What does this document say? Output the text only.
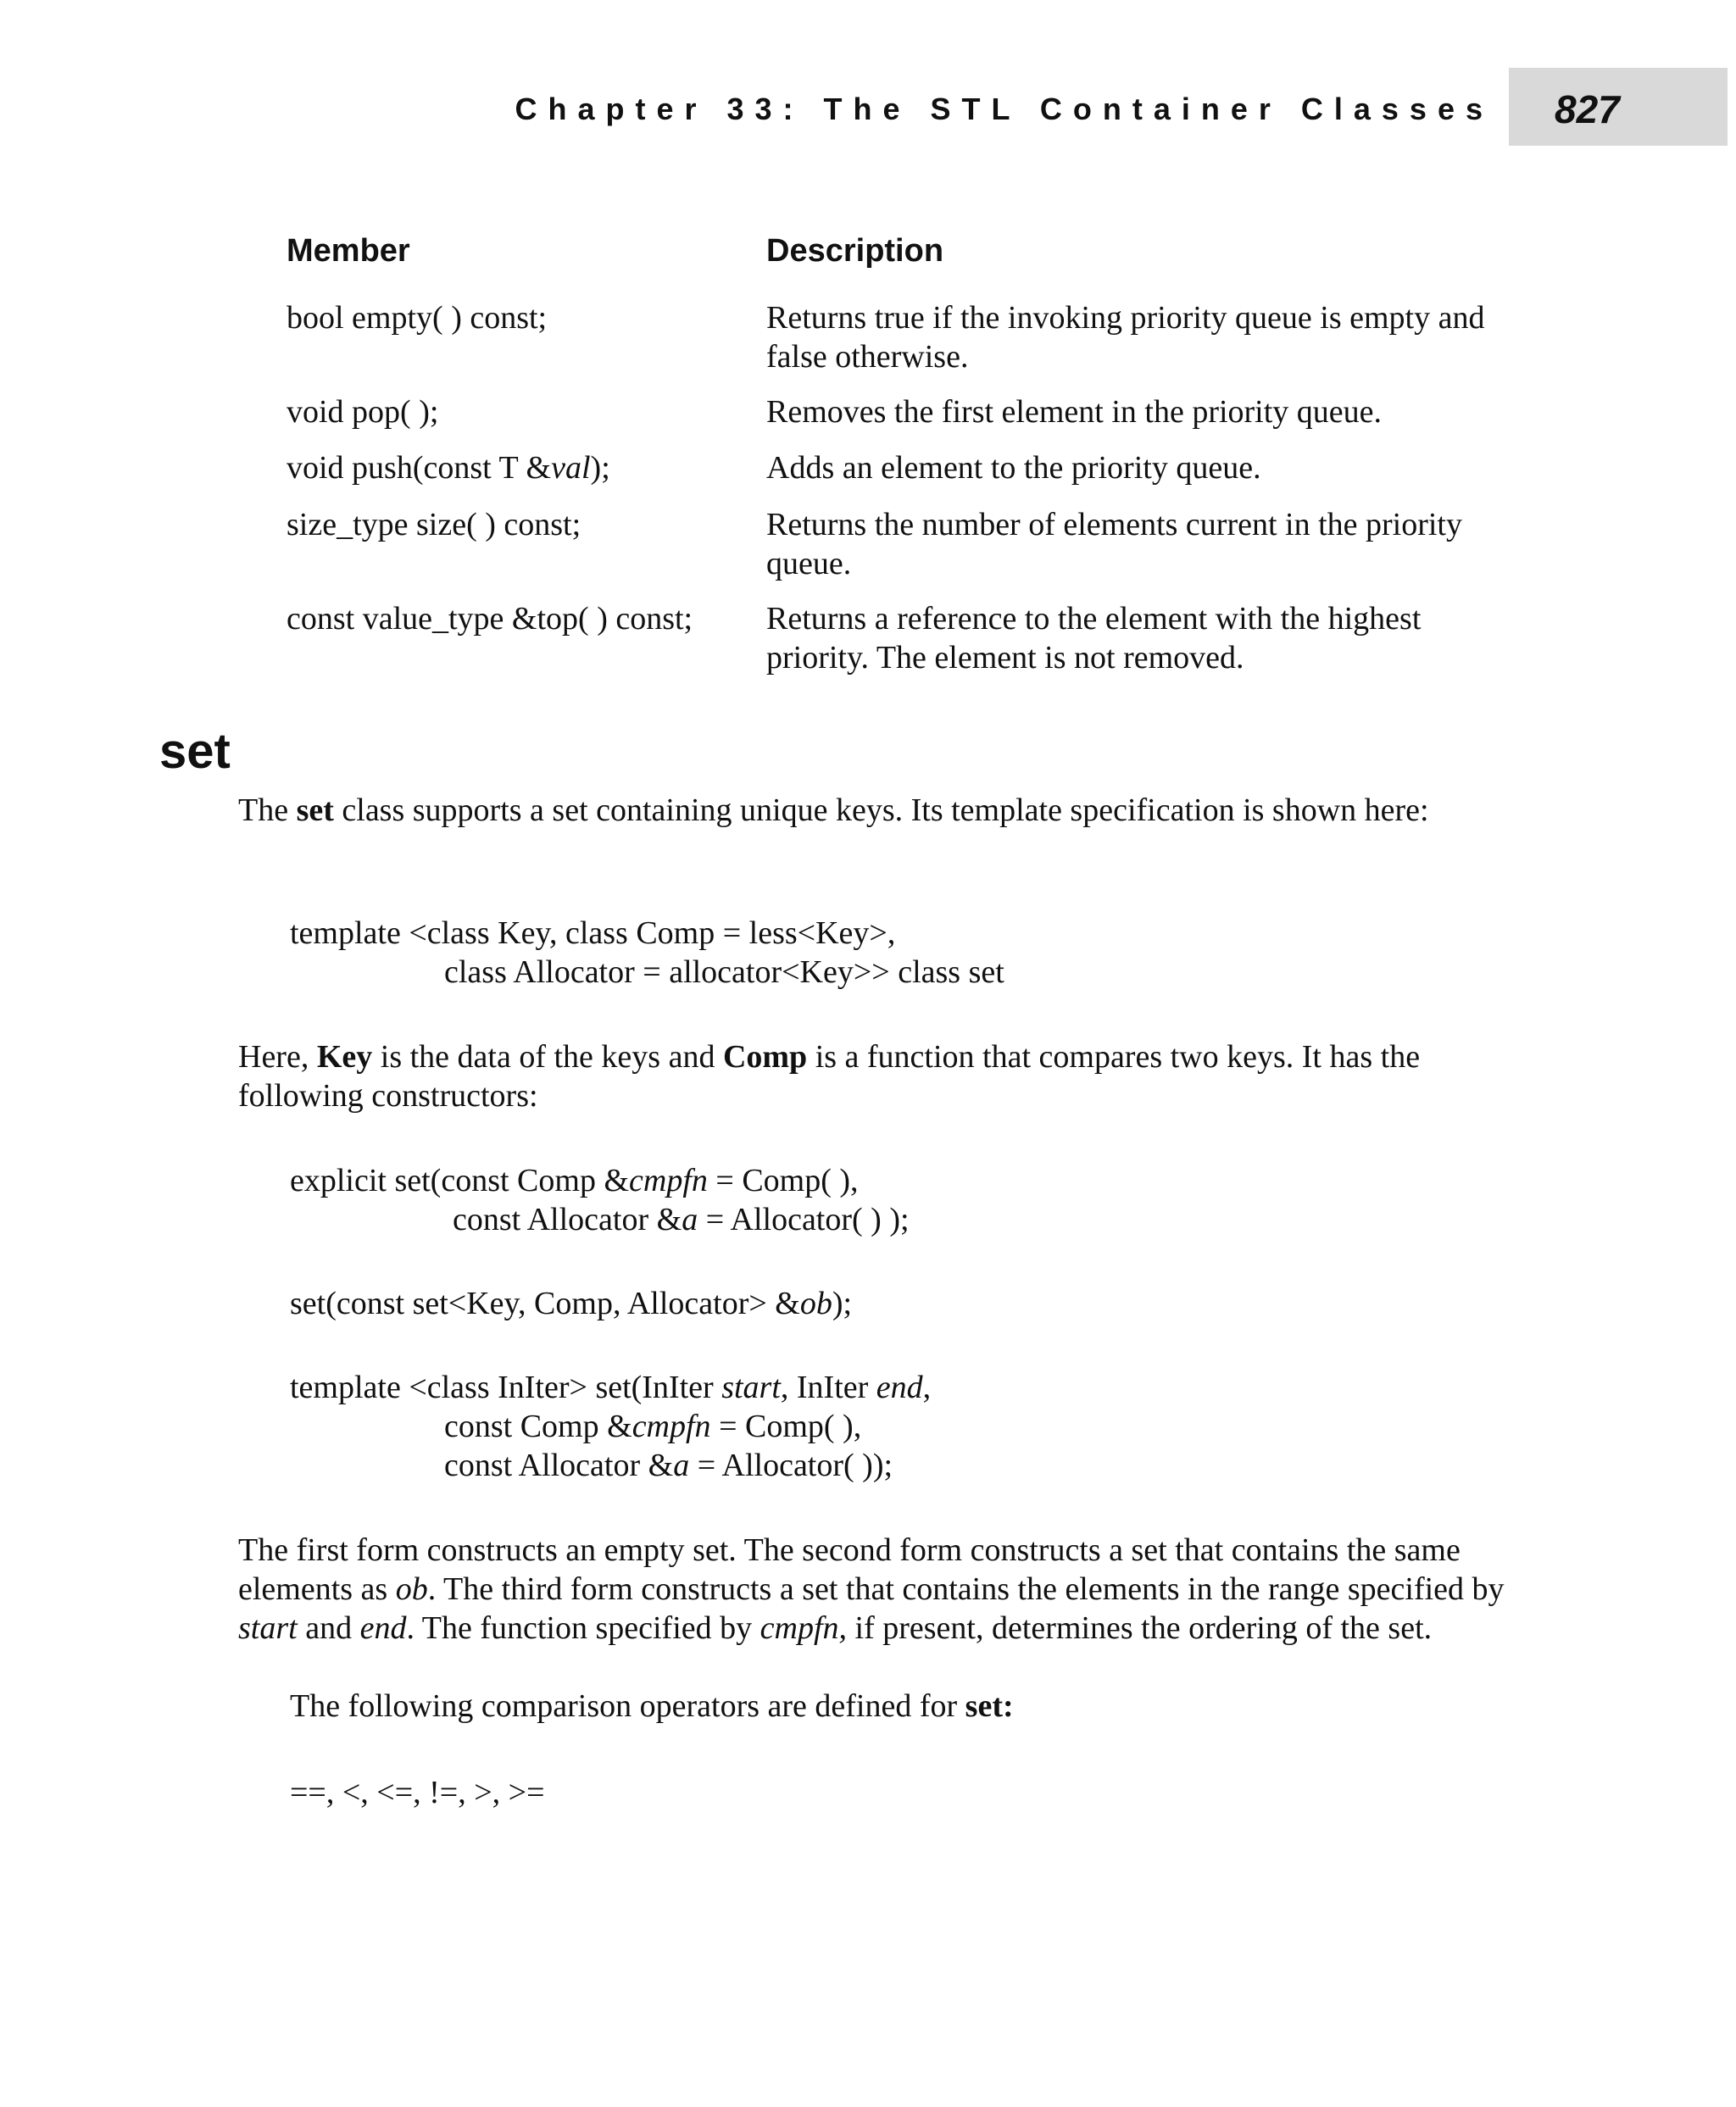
Chapter 33: The STL Container Classes	827
Member	Description
bool empty( ) const;	Returns true if the invoking priority queue is empty and false otherwise.
void pop( );	Removes the first element in the priority queue.
void push(const T &val);	Adds an element to the priority queue.
size_type size( ) const;	Returns the number of elements current in the priority queue.
const value_type &top( ) const; Returns a reference to the element with the highest priority. The element is not removed.
set
The set class supports a set containing unique keys. Its template specification is shown here:
template <class Key, class Comp = less<Key>,
class Allocator = allocator<Key>> class set
Here, Key is the data of the keys and Comp is a function that compares two keys. It has the following constructors:
explicit set(const Comp &cmpfn = Comp( ),
const Allocator &a = Allocator( ) );
set(const set<Key, Comp, Allocator> &ob);
template <class InIter> set(InIter start, InIter end,
const Comp &cmpfn = Comp( ),
const Allocator &a = Allocator( ));
The first form constructs an empty set. The second form constructs a set that contains the same elements as ob. The third form constructs a set that contains the elements in the range specified by start and end. The function specified by cmpfn, if present, determines the ordering of the set.
The following comparison operators are defined for set:
==, <, <=, !=, >, >=
